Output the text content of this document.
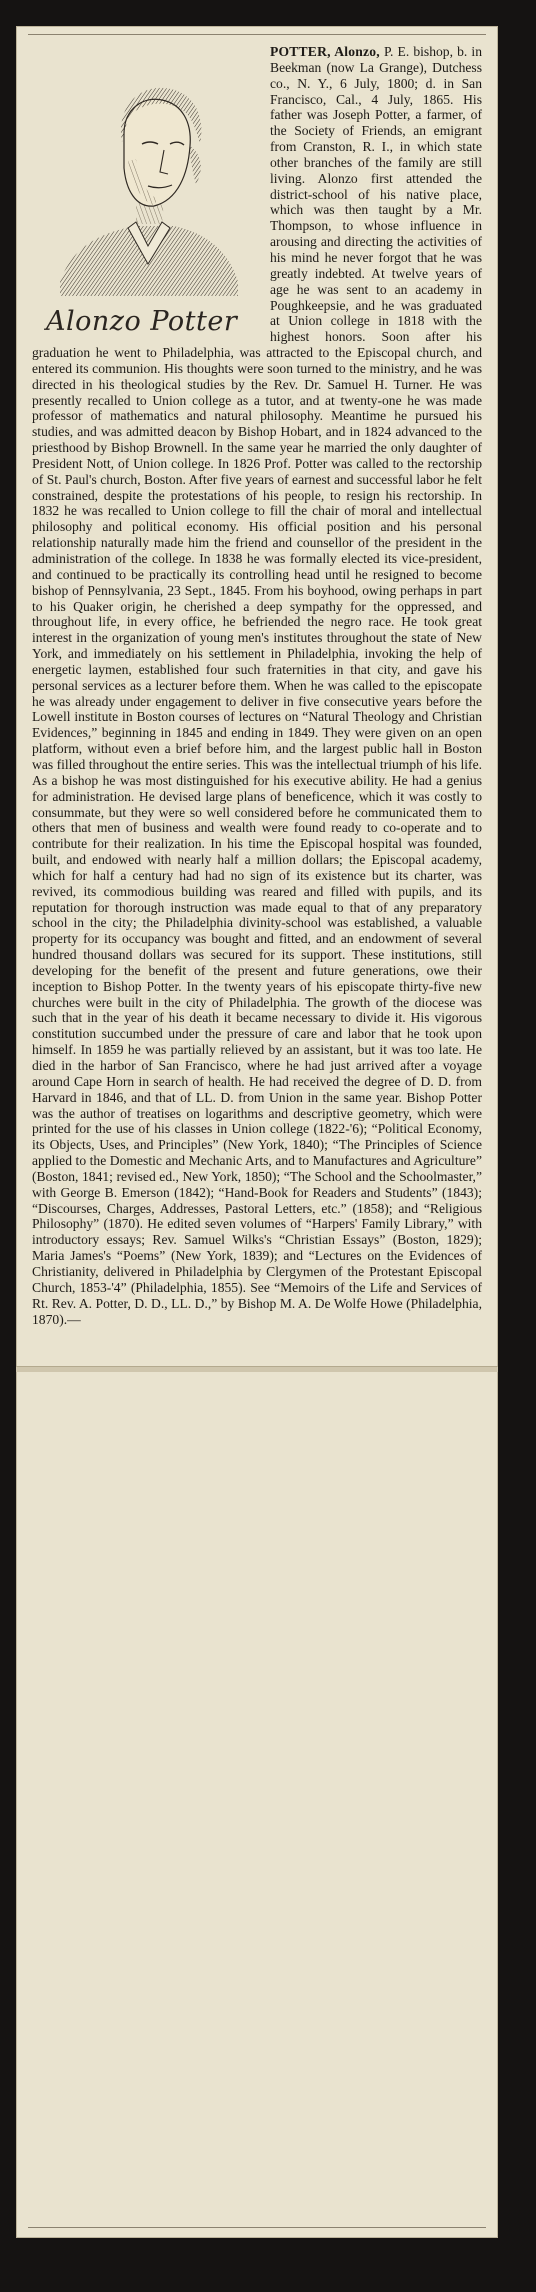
Alonzo Potter

POTTER, Alonzo, P. E. bishop, b. in Beekman (now La Grange), Dutchess co., N. Y., 6 July, 1800; d. in San Francisco, Cal., 4 July, 1865. His father was Joseph Potter, a farmer, of the Society of Friends, an emigrant from Cranston, R. I., in which state other branches of the family are still living. Alonzo first attended the district-school of his native place, which was then taught by a Mr. Thompson, to whose influence in arousing and directing the activities of his mind he never forgot that he was greatly indebted. At twelve years of age he was sent to an academy in Poughkeepsie, and he was graduated at Union college in 1818 with the highest honors. Soon after his graduation he went to Philadelphia, was attracted to the Episcopal church, and entered its communion. His thoughts were soon turned to the ministry, and he was directed in his theological studies by the Rev. Dr. Samuel H. Turner. He was presently recalled to Union college as a tutor, and at twenty-one he was made professor of mathematics and natural philosophy. Meantime he pursued his studies, and was admitted deacon by Bishop Hobart, and in 1824 advanced to the priesthood by Bishop Brownell. In the same year he married the only daughter of President Nott, of Union college. In 1826 Prof. Potter was called to the rectorship of St. Paul's church, Boston. After five years of earnest and successful labor he felt constrained, despite the protestations of his people, to resign his rectorship. In 1832 he was recalled to Union college to fill the chair of moral and intellectual philosophy and political economy. His official position and his personal relationship naturally made him the friend and counsellor of the president in the administration of the college. In 1838 he was formally elected its vice-president, and continued to be practically its controlling head until he resigned to become bishop of Pennsylvania, 23 Sept., 1845. From his boyhood, owing perhaps in part to his Quaker origin, he cherished a deep sympathy for the oppressed, and throughout life, in every office, he befriended the negro race. He took great interest in the organization of young men's institutes throughout the state of New York, and immediately on his settlement in Philadelphia, invoking the help of energetic laymen, established four such fraternities in that city, and gave his personal services as a lecturer before them. When he was called to the episcopate he was already under engagement to deliver in five consecutive years before the Lowell institute in Boston courses of lectures on “Natural Theology and Christian Evidences,” beginning in 1845 and ending in 1849. They were given on an open platform, without even a brief before him, and the largest public hall in Boston was filled throughout the entire series. This was the intellectual triumph of his life. As a bishop he was most distinguished for his executive ability. He had a genius for administration. He devised large plans of beneficence, which it was costly to consummate, but they were so well considered before he communicated them to others that men of business and wealth were found ready to co-operate and to contribute for their realization. In his time the Episcopal hospital was founded, built, and endowed with nearly half a million dollars; the Episcopal academy, which for half a century had had no sign of its existence but its charter, was revived, its commodious building was reared and filled with pupils, and its reputation for thorough instruction was made equal to that of any preparatory school in the city; the Philadelphia divinity-school was established, a valuable property for its occupancy was bought and fitted, and an endowment of several hundred thousand dollars was secured for its support. These institutions, still developing for the benefit of the present and future generations, owe their inception to Bishop Potter. In the twenty years of his episcopate thirty-five new churches were built in the city of Philadelphia. The growth of the diocese was such that in the year of his death it became necessary to divide it. His vigorous constitution succumbed under the pressure of care and labor that he took upon himself. In 1859 he was partially relieved by an assistant, but it was too late. He died in the harbor of San Francisco, where he had just arrived after a voyage around Cape Horn in search of health. He had received the degree of D. D. from Harvard in 1846, and that of LL. D. from Union in the same year. Bishop Potter was the author of treatises on logarithms and descriptive geometry, which were printed for the use of his classes in Union college (1822-'6); “Political Economy, its Objects, Uses, and Principles” (New York, 1840); “The Principles of Science applied to the Domestic and Mechanic Arts, and to Manufactures and Agriculture” (Boston, 1841; revised ed., New York, 1850); “The School and the Schoolmaster,” with George B. Emerson (1842); “Hand-Book for Readers and Students” (1843); “Discourses, Charges, Addresses, Pastoral Letters, etc.” (1858); and “Religious Philosophy” (1870). He edited seven volumes of “Harpers' Family Library,” with introductory essays; Rev. Samuel Wilks's “Christian Essays” (Boston, 1829); Maria James's “Poems” (New York, 1839); and “Lectures on the Evidences of Christianity, delivered in Philadelphia by Clergymen of the Protestant Episcopal Church, 1853-'4” (Philadelphia, 1855). See “Memoirs of the Life and Services of Rt. Rev. A. Potter, D. D., LL. D.,” by Bishop M. A. De Wolfe Howe (Philadelphia, 1870).—
